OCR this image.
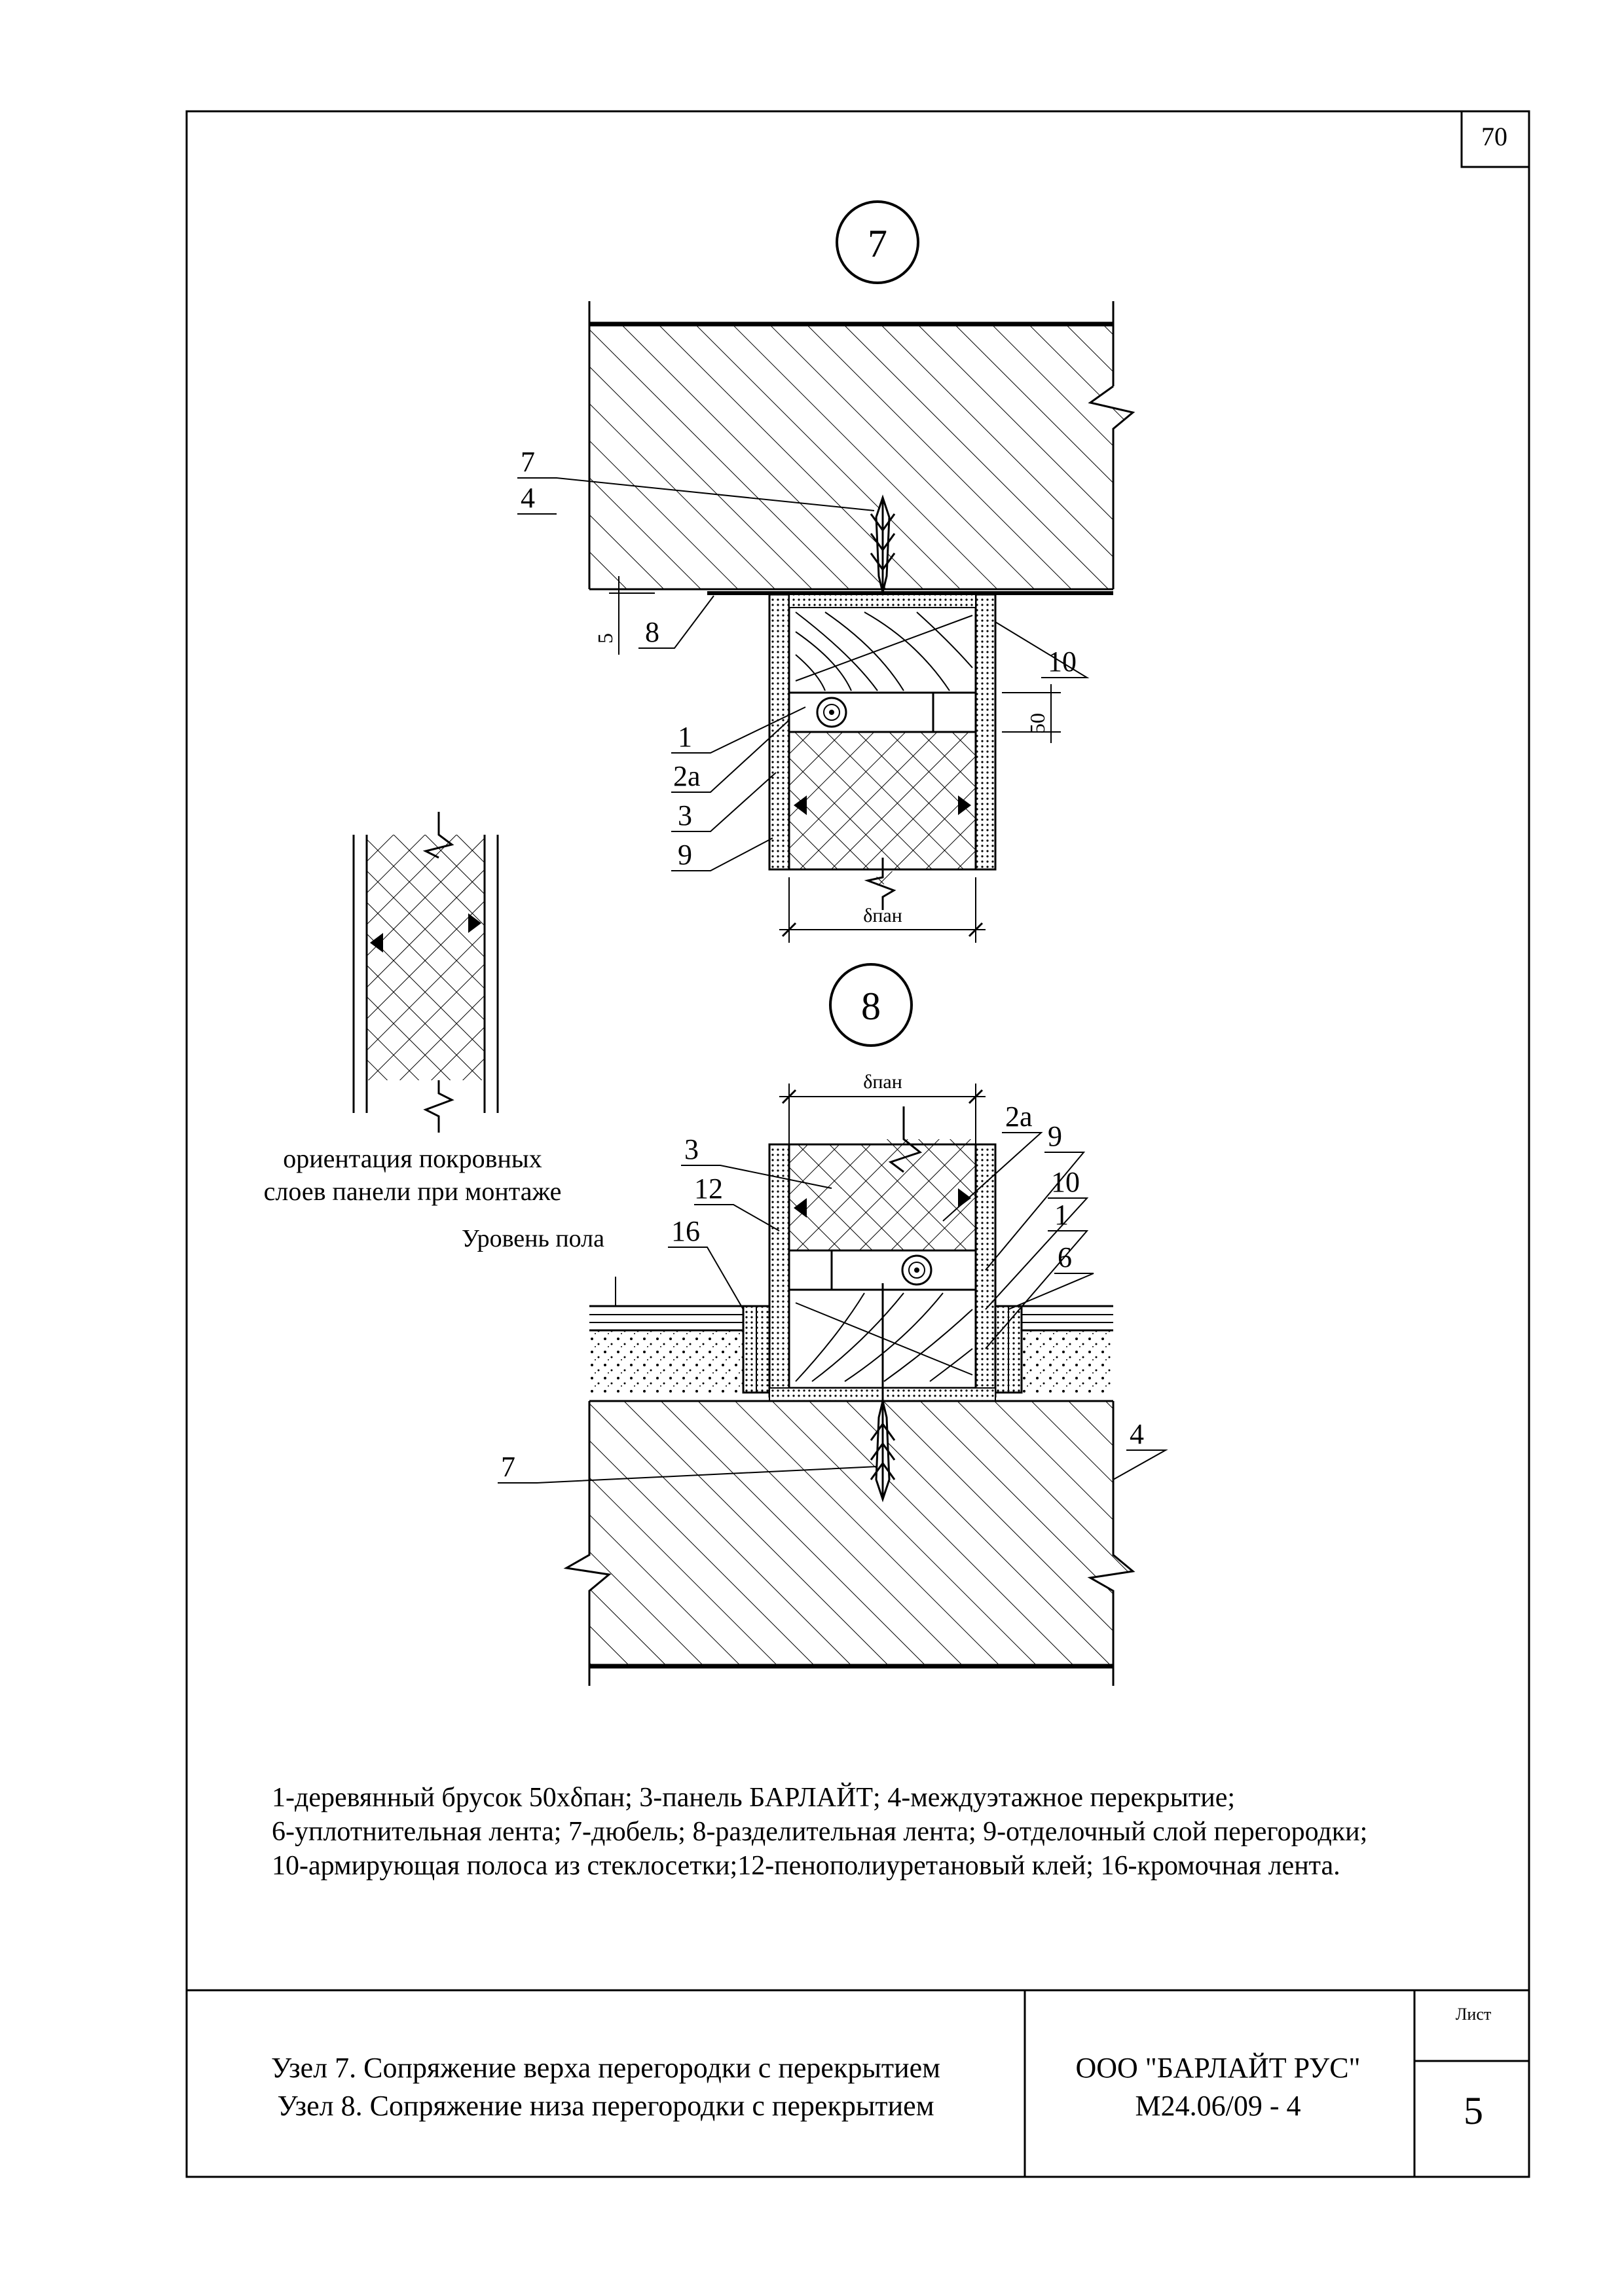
7
δпан
50
5
7
4
8
10
1
2а
3
9
8
δпан
2а
9
3
10
12
1
16
6
4
7
70
Уровень пола
ориентация покровных
слоев панели при монтаже
1-деревянный брусок 50хδпан; 3-панель БАРЛАЙТ; 4-междуэтажное перекрытие;
6-уплотнительная лента; 7-дюбель; 8-разделительная лента; 9-отделочный слой перегородки;
10-армирующая полоса из стеклосетки;12-пенополиуретановый клей; 16-кромочная лента.
Узел 7. Сопряжение верха перегородки с перекрытием
Узел 8. Сопряжение низа перегородки с перекрытием
ООО "БАРЛАЙТ РУС"
М24.06/09 - 4
Лист
5
